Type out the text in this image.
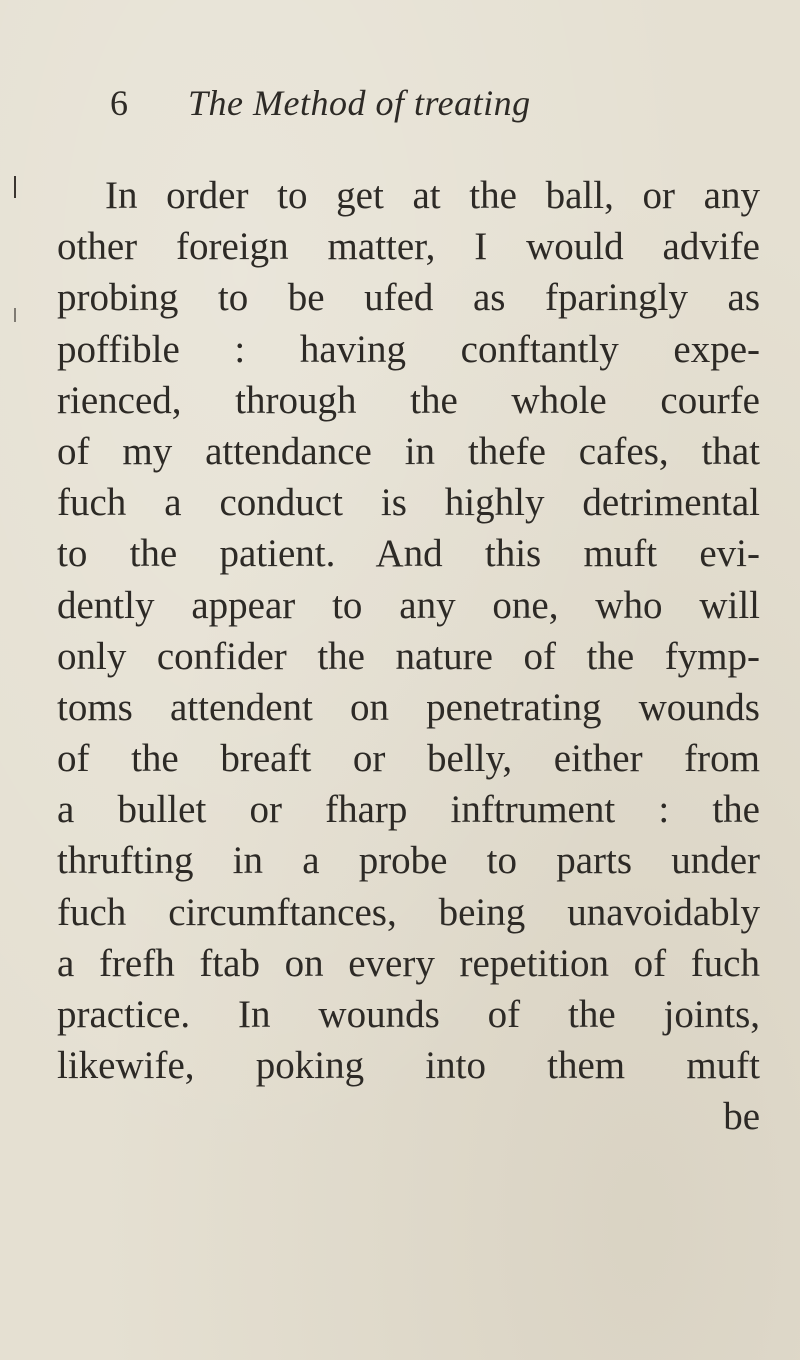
6 The Method of treating
In order to get at the ball, or any
other foreign matter, I would advife
probing to be ufed as fparingly as
poffible : having conftantly expe-
rienced, through the whole courfe
of my attendance in thefe cafes, that
fuch a conduct is highly detrimental
to the patient. And this muft evi-
dently appear to any one, who will
only confider the nature of the fymp-
toms attendent on penetrating wounds
of the breaft or belly, either from
a bullet or fharp inftrument : the
thrufting in a probe to parts under
fuch circumftances, being unavoidably
a frefh ftab on every repetition of fuch
practice. In wounds of the joints,
likewife, poking into them muft
be
